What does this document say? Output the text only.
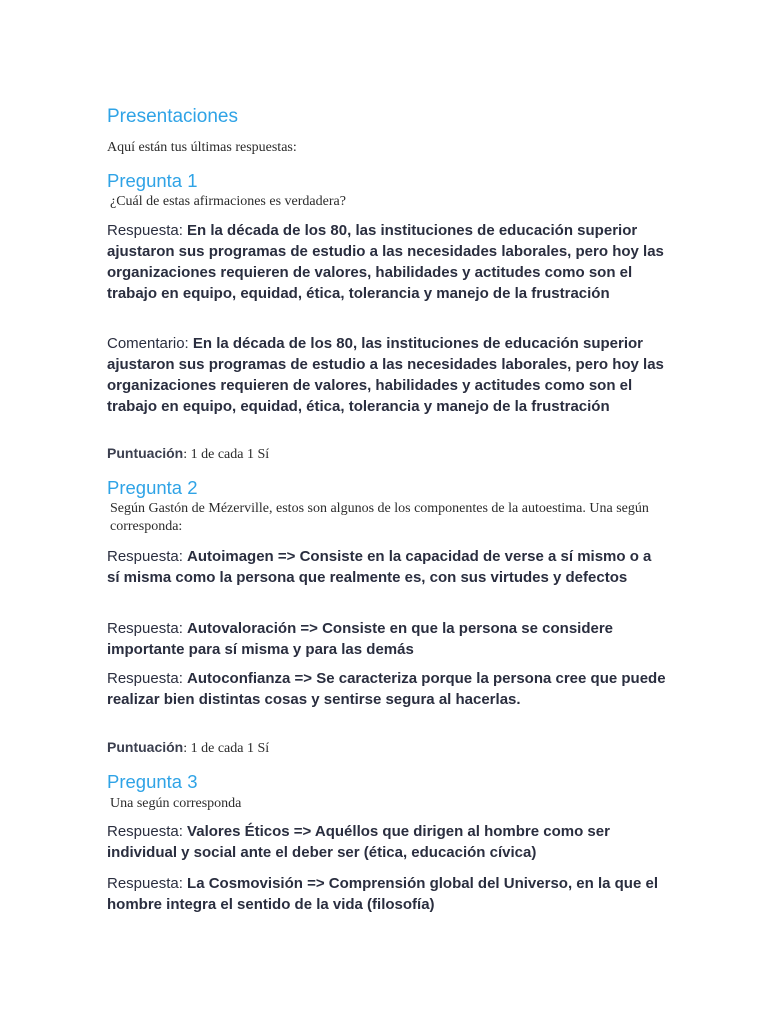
Presentaciones
Aquí están tus últimas respuestas:
Pregunta 1
¿Cuál de estas afirmaciones es verdadera?
Respuesta: En la década de los 80, las instituciones de educación superior ajustaron sus programas de estudio a las necesidades laborales, pero hoy las organizaciones requieren de valores, habilidades y actitudes como son el trabajo en equipo, equidad, ética, tolerancia y manejo de la frustración
Comentario: En la década de los 80, las instituciones de educación superior ajustaron sus programas de estudio a las necesidades laborales, pero hoy las organizaciones requieren de valores, habilidades y actitudes como son el trabajo en equipo, equidad, ética, tolerancia y manejo de la frustración
Puntuación: 1 de cada 1 Sí
Pregunta 2
Según Gastón de Mézerville, estos son algunos de los componentes de la autoestima. Una según corresponda:
Respuesta: Autoimagen => Consiste en la capacidad de verse a sí mismo o a sí misma como la persona que realmente es, con sus virtudes y defectos
Respuesta: Autovaloración => Consiste en que la persona se considere importante para sí misma y para las demás
Respuesta: Autoconfianza => Se caracteriza porque la persona cree que puede realizar bien distintas cosas y sentirse segura al hacerlas.
Puntuación: 1 de cada 1 Sí
Pregunta 3
Una según corresponda
Respuesta: Valores Éticos => Aquéllos que dirigen al hombre como ser individual y social ante el deber ser (ética, educación cívica)
Respuesta: La Cosmovisión => Comprensión global del Universo, en la que el hombre integra el sentido de la vida (filosofía)
